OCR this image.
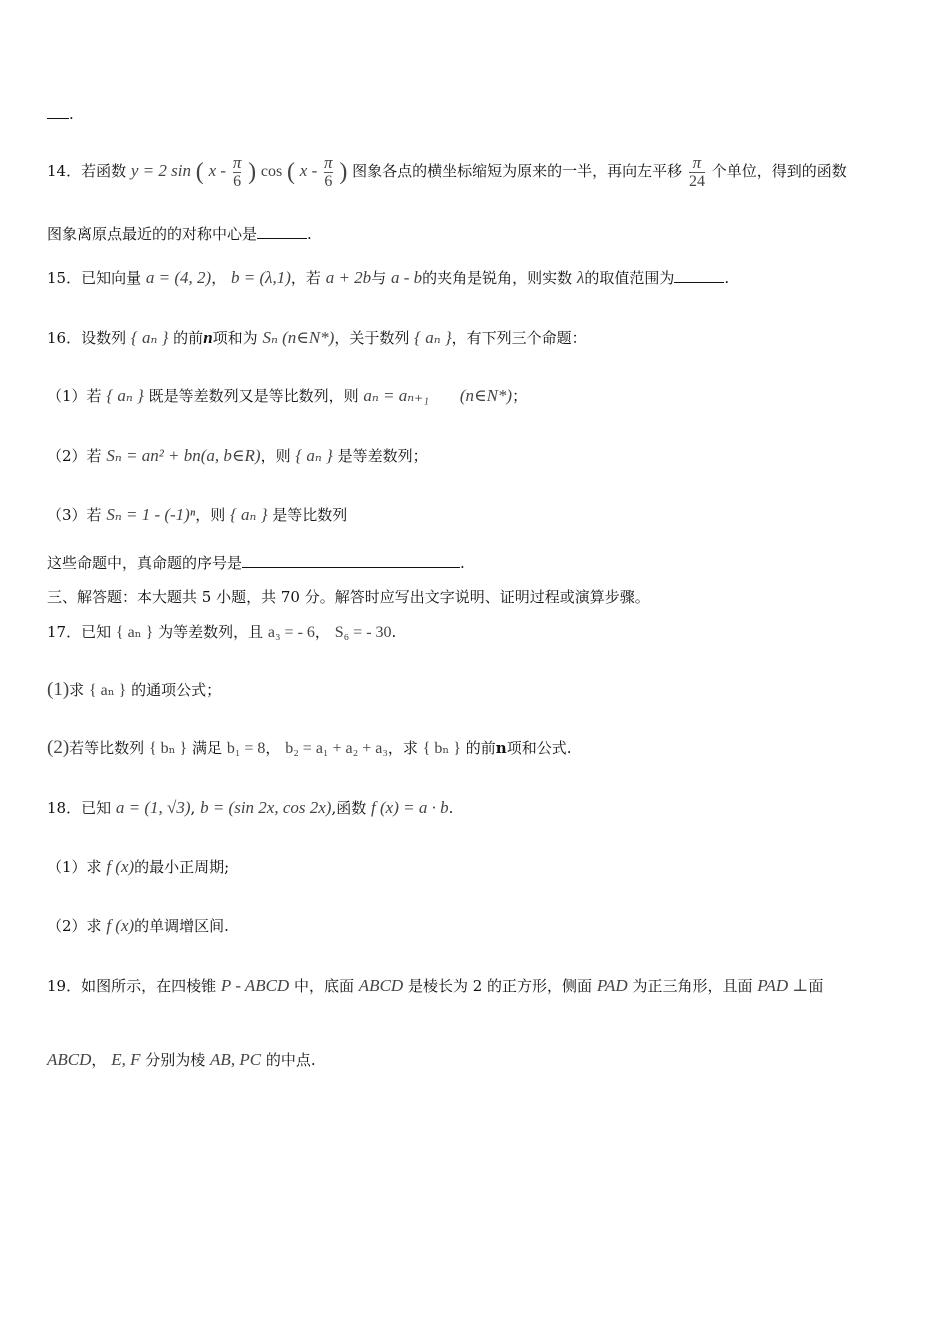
.
14．若函数 y = 2 sin ( x - $\frac{\pi}{6}$ ) cos ( x - $\frac{\pi}{6}$ ) 图象各点的横坐标缩短为原来的一半，再向左平移 $\frac{\pi}{24}$ 个单位，得到的函数
图象离原点最近的的对称中心是	.
15．已知向量 a = (4, 2)， b = (λ,1)，若 a + 2b与 a - b的夹角是锐角，则实数 λ的取值范围为	.
16．设数列 { aₙ } 的前n项和为 Sₙ (n∈N*)，关于数列 { aₙ }，有下列三个命题：
（1）若 { aₙ } 既是等差数列又是等比数列，则 aₙ = aₙ₊₁ (n∈N*)；
（2）若 Sₙ = an² + bn(a, b∈R)，则 { aₙ } 是等差数列；
（3）若 Sₙ = 1 - (-1)ⁿ，则 { aₙ } 是等比数列
这些命题中，真命题的序号是	.
三、解答题：本大题共 5 小题，共 70 分。解答时应写出文字说明、证明过程或演算步骤。
17．已知 { aₙ } 为等差数列，且 a₃ = - 6， S₆ = - 30.
(1)求 { aₙ } 的通项公式；
(2)若等比数列 { bₙ } 满足 b₁ = 8， b₂ = a₁ + a₂ + a₃，求 { bₙ } 的前n项和公式.
18．已知 a = (1, √3), b = (sin 2x, cos 2x),函数 f (x) = a · b.
（1）求 f (x)的最小正周期;
（2）求 f (x)的单调增区间.
19．如图所示，在四棱锥 P - ABCD 中，底面 ABCD 是棱长为 2 的正方形，侧面 PAD 为正三角形，且面 PAD ⊥面
ABCD， E, F 分别为棱 AB, PC 的中点.
